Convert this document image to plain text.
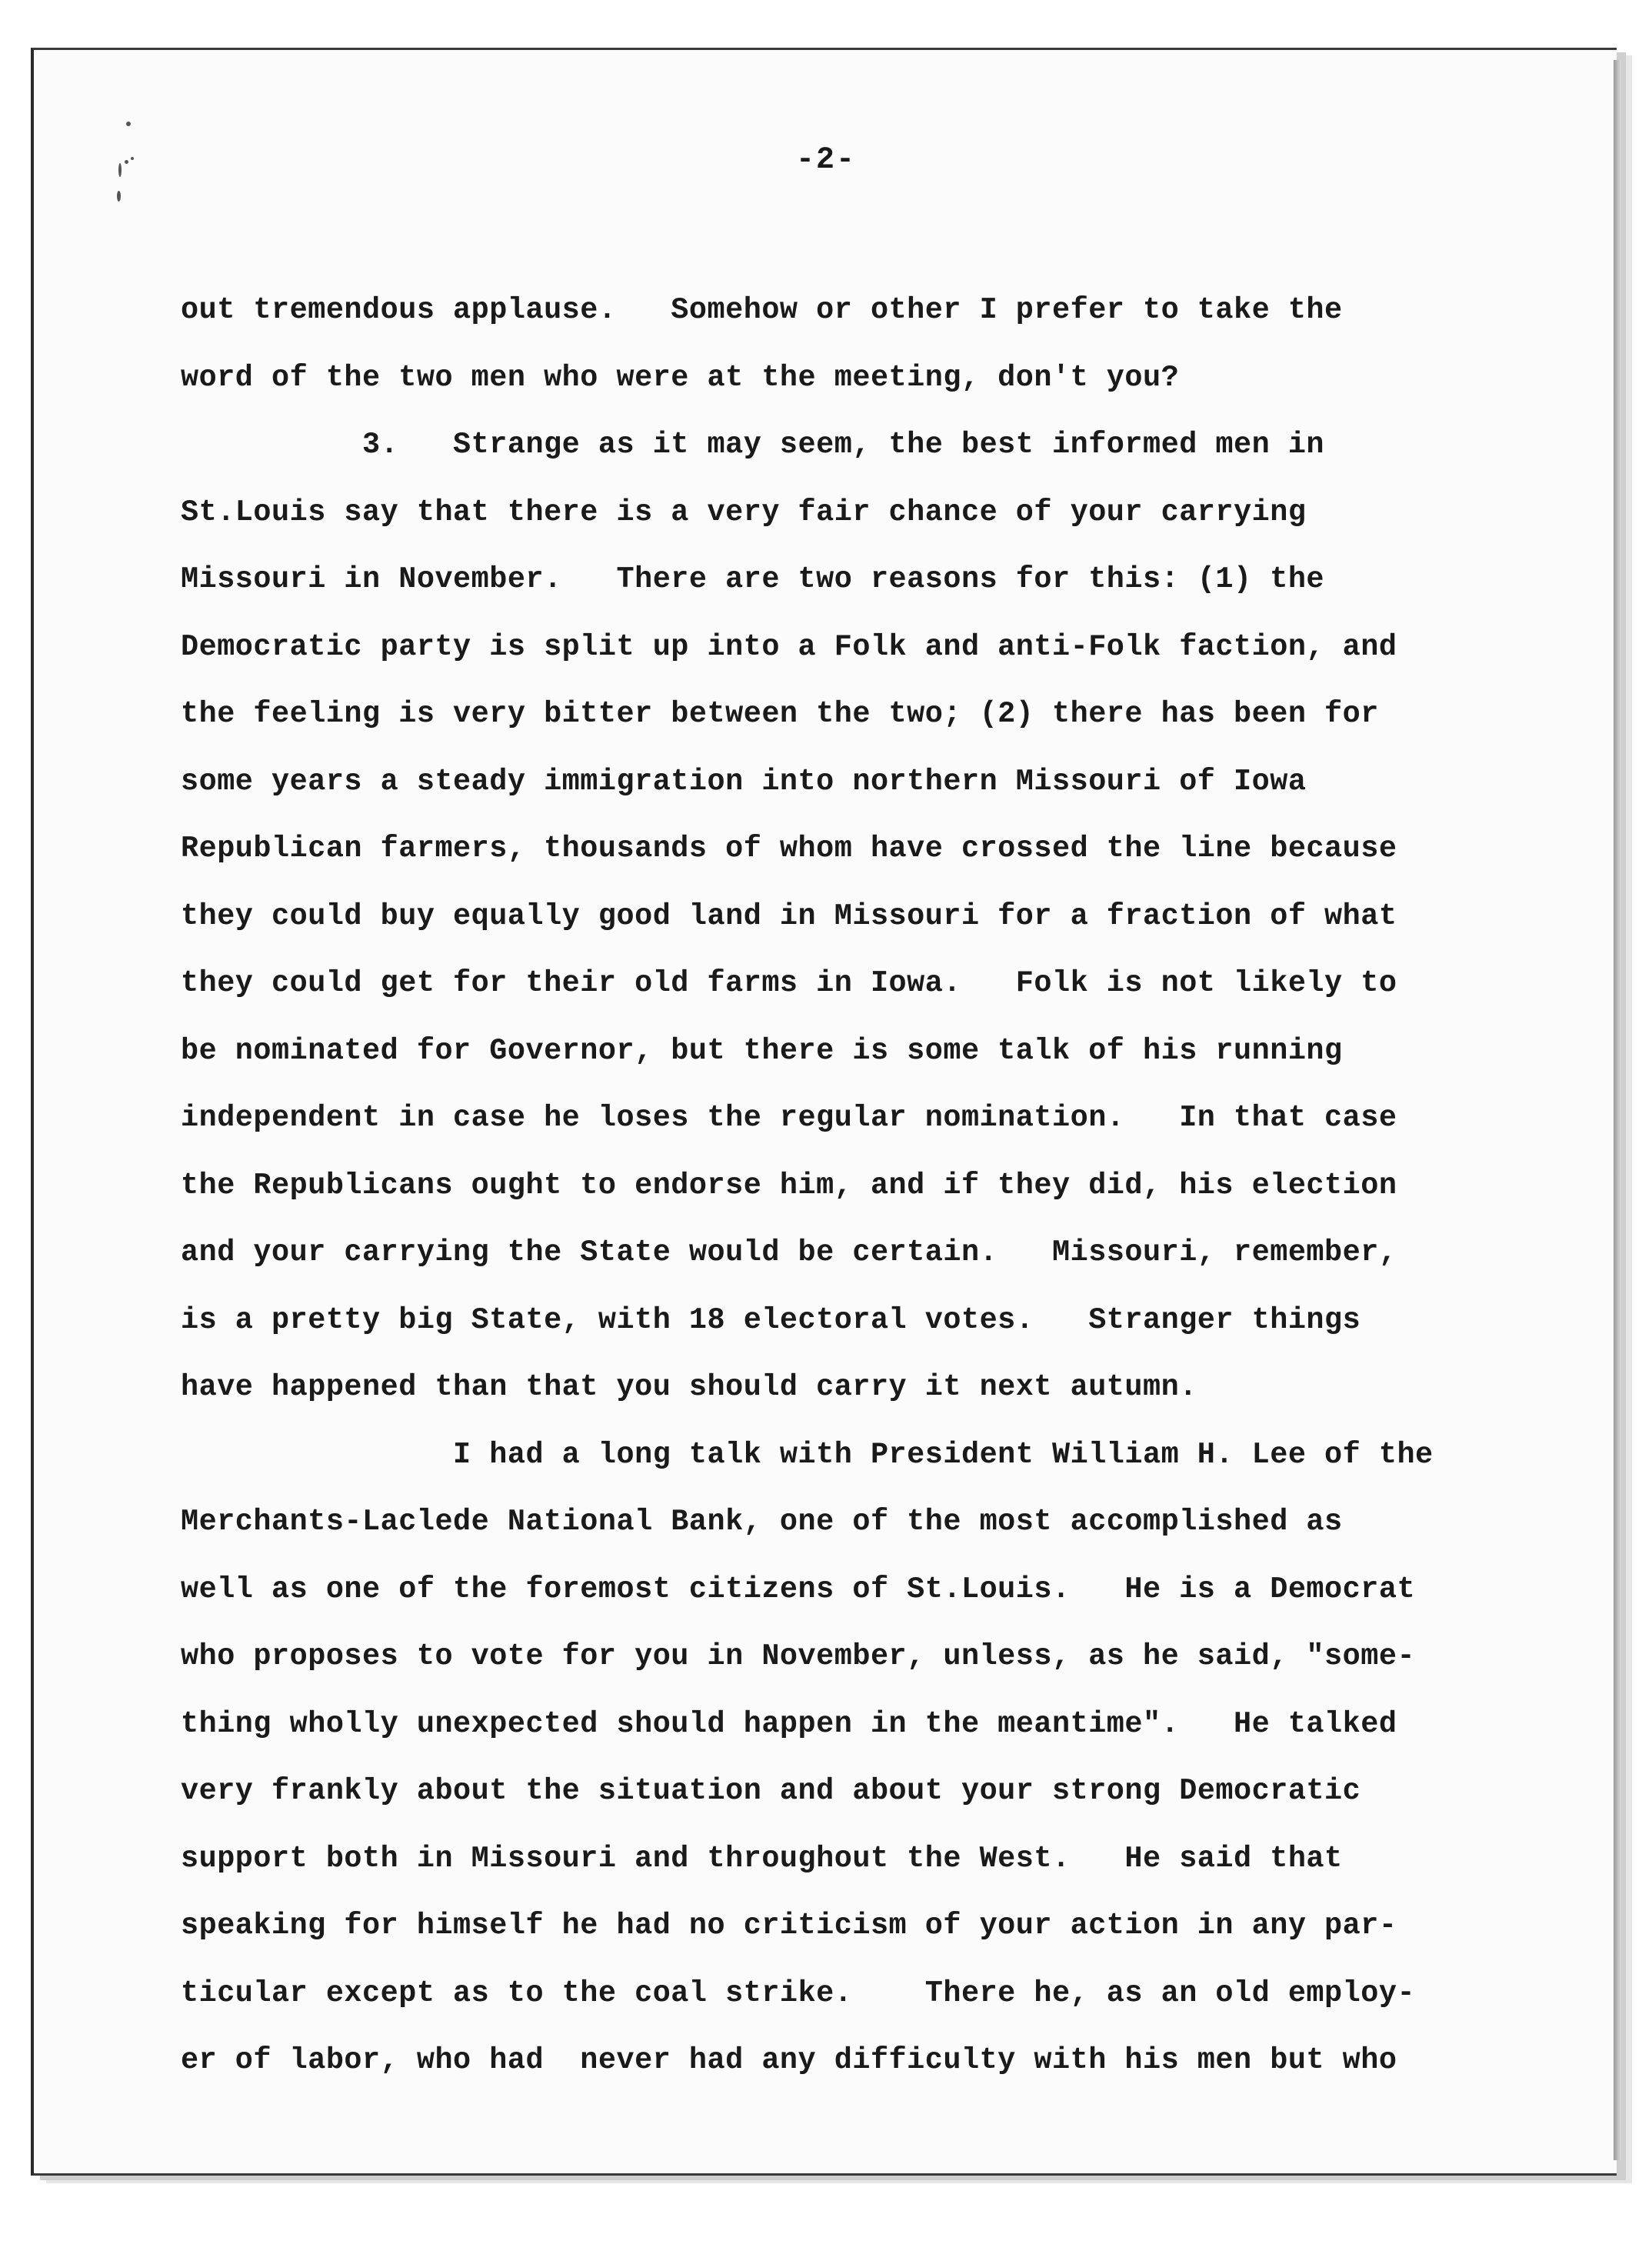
-2-
out tremendous applause.   Somehow or other I prefer to take the
word of the two men who were at the meeting, don't you?
3.   Strange as it may seem, the best informed men in
St.Louis say that there is a very fair chance of your carrying
Missouri in November.   There are two reasons for this: (1) the
Democratic party is split up into a Folk and anti-Folk faction, and
the feeling is very bitter between the two; (2) there has been for
some years a steady immigration into northern Missouri of Iowa
Republican farmers, thousands of whom have crossed the line because
they could buy equally good land in Missouri for a fraction of what
they could get for their old farms in Iowa.   Folk is not likely to
be nominated for Governor, but there is some talk of his running
independent in case he loses the regular nomination.   In that case
the Republicans ought to endorse him, and if they did, his election
and your carrying the State would be certain.   Missouri, remember,
is a pretty big State, with 18 electoral votes.   Stranger things
have happened than that you should carry it next autumn.
I had a long talk with President William H. Lee of the
Merchants-Laclede National Bank, one of the most accomplished as
well as one of the foremost citizens of St.Louis.   He is a Democrat
who proposes to vote for you in November, unless, as he said, "some-
thing wholly unexpected should happen in the meantime".   He talked
very frankly about the situation and about your strong Democratic
support both in Missouri and throughout the West.   He said that
speaking for himself he had no criticism of your action in any par-
ticular except as to the coal strike.    There he, as an old employ-
er of labor, who had  never had any difficulty with his men but who
